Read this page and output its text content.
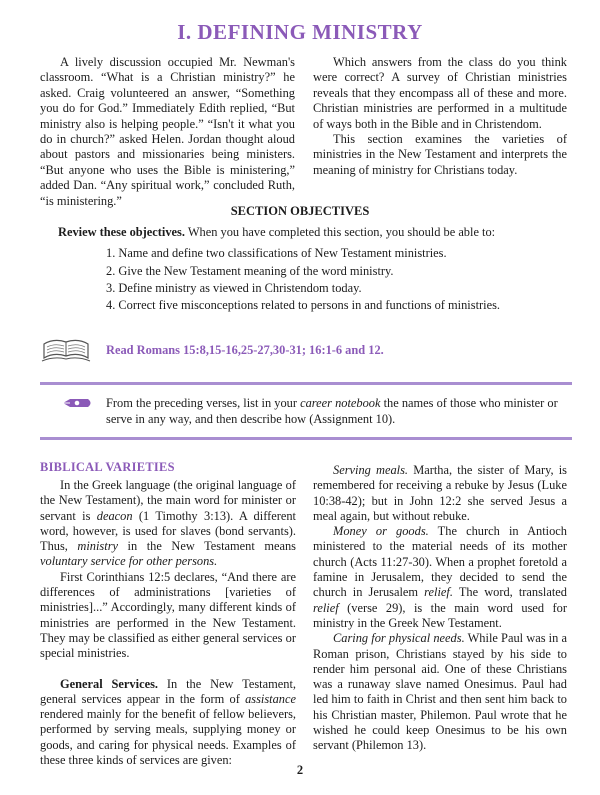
I. DEFINING MINISTRY

A lively discussion occupied Mr. Newman's classroom. “What is a Christian ministry?” he asked. Craig volunteered an answer, “Something you do for God.” Immediately Edith replied, “But ministry also is helping people.” “Isn't it what you do in church?” asked Helen. Jordan thought aloud about pastors and missionaries being ministers. “But anyone who uses the Bible is ministering,” added Dan. “Any spiritual work,” concluded Ruth, “is ministering.”

Which answers from the class do you think were correct? A survey of Christian ministries reveals that they encompass all of these and more. Christian ministries are performed in a multitude of ways both in the Bible and in Christendom.

This section examines the varieties of ministries in the New Testament and interprets the meaning of ministry for Christians today.

SECTION OBJECTIVES
Review these objectives. When you have completed this section, you should be able to:
1. Name and define two classifications of New Testament ministries.
2. Give the New Testament meaning of the word ministry.
3. Define ministry as viewed in Christendom today.
4. Correct five misconceptions related to persons in and functions of ministries.
Read Romans 15:8,15-16,25-27,30-31; 16:1-6 and 12.
From the preceding verses, list in your career notebook the names of those who minister or serve in any way, and then describe how (Assignment 10).
BIBLICAL VARIETIES

In the Greek language (the original language of the New Testament), the main word for minister or servant is deacon (1 Timothy 3:13). A different word, however, is used for slaves (bond servants). Thus, ministry in the New Testament means voluntary service for other persons.

First Corinthians 12:5 declares, “And there are differences of administrations [varieties of ministries]...” Accordingly, many different kinds of ministries are performed in the New Testament. They may be classified as either general services or special ministries.

General Services. In the New Testament, general services appear in the form of assistance rendered mainly for the benefit of fellow believers, performed by serving meals, supplying money or goods, and caring for physical needs. Examples of these three kinds of services are given:

Serving meals. Martha, the sister of Mary, is remembered for receiving a rebuke by Jesus (Luke 10:38-42); but in John 12:2 she served Jesus a meal again, but without rebuke.

Money or goods. The church in Antioch ministered to the material needs of its mother church (Acts 11:27-30). When a prophet foretold a famine in Jerusalem, they decided to send the church in Jerusalem relief. The word, translated relief (verse 29), is the main word used for ministry in the Greek New Testament.

Caring for physical needs. While Paul was in a Roman prison, Christians stayed by his side to render him personal aid. One of these Christians was a runaway slave named Onesimus. Paul had led him to faith in Christ and then sent him back to his Christian master, Philemon. Paul wrote that he wished he could keep Onesimus to be his own servant (Philemon 13).

2
